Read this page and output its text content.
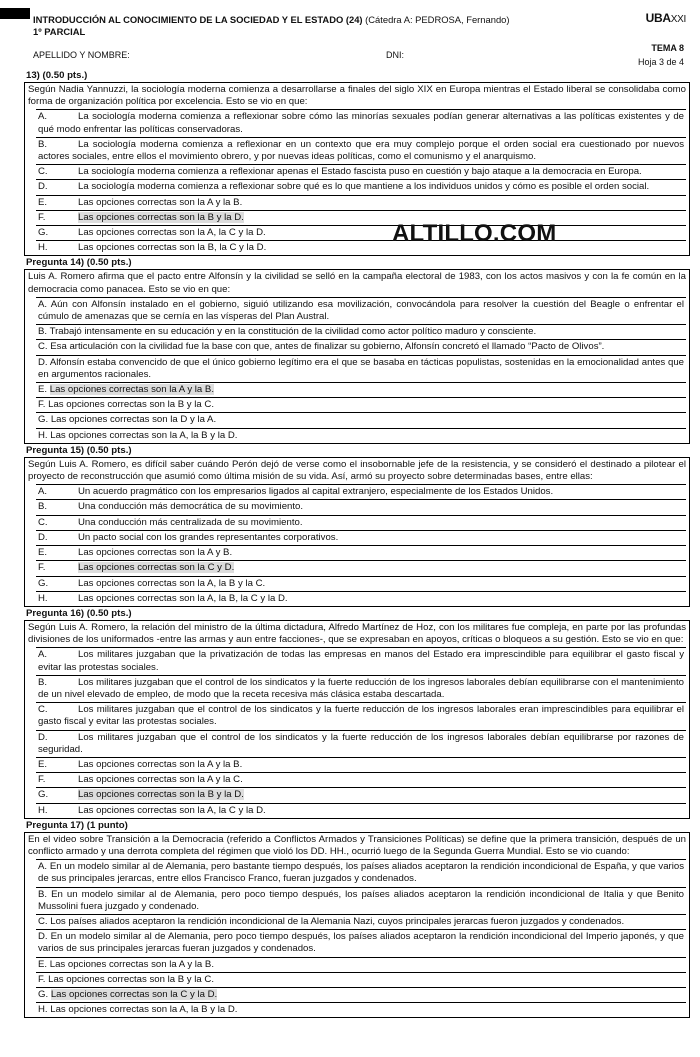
INTRODUCCIÓN AL CONOCIMIENTO DE LA SOCIEDAD Y EL ESTADO (24) (Cátedra A: PEDROSA, Fernando)
1º PARCIAL
UBAXXI
APELLIDO Y NOMBRE:	DNI:
TEMA 8
Hoja 3 de 4
13) (0.50 pts.)
Según Nadia Yannuzzi, la sociología moderna comienza a desarrollarse a finales del siglo XIX en Europa mientras el Estado liberal se consolidaba como forma de organización política por excelencia. Esto se vio en que:
A.	La sociología moderna comienza a reflexionar sobre cómo las minorías sexuales podían generar alternativas a las políticas existentes y de qué modo enfrentar las políticas conservadoras.
B.	La sociología moderna comienza a reflexionar en un contexto que era muy complejo porque el orden social era cuestionado por nuevos actores sociales, entre ellos el movimiento obrero, y por nuevas ideas políticas, como el comunismo y el anarquismo.
C.	La sociología moderna comienza a reflexionar apenas el Estado fascista puso en cuestión y bajo ataque a la democracia en Europa.
D.	La sociología moderna comienza a reflexionar sobre qué es lo que mantiene a los individuos unidos y cómo es posible el orden social.
E.	Las opciones correctas son la A y la B.
F.	Las opciones correctas son la B y la D.
G.	Las opciones correctas son la A, la C y la D.
H.	Las opciones correctas son la B, la C y la D.
Pregunta 14) (0.50 pts.)
Luis A. Romero afirma que el pacto entre Alfonsín y la civilidad se selló en la campaña electoral de 1983, con los actos masivos y con la fe común en la democracia como panacea. Esto se vio en que:
A. Aún con Alfonsín instalado en el gobierno, siguió utilizando esa movilización, convocándola para resolver la cuestión del Beagle o enfrentar el cúmulo de amenazas que se cernía en las vísperas del Plan Austral.
B. Trabajó intensamente en su educación y en la constitución de la civilidad como actor político maduro y consciente.
C. Esa articulación con la civilidad fue la base con que, antes de finalizar su gobierno, Alfonsín concretó el llamado “Pacto de Olivos”.
D. Alfonsín estaba convencido de que el único gobierno legítimo era el que se basaba en tácticas populistas, sostenidas en la emocionalidad antes que en argumentos racionales.
E. Las opciones correctas son la A y la B.
F. Las opciones correctas son la B y la C.
G. Las opciones correctas son la D y la A.
H. Las opciones correctas son la A, la B y la D.
Pregunta 15) (0.50 pts.)
Según Luis A. Romero, es difícil saber cuándo Perón dejó de verse como el insobornable jefe de la resistencia, y se consideró el destinado a pilotear el proyecto de reconstrucción que asumió como última misión de su vida. Así, armó su proyecto sobre determinadas bases, entre ellas:
A.	Un acuerdo pragmático con los empresarios ligados al capital extranjero, especialmente de los Estados Unidos.
B.	Una conducción más democrática de su movimiento.
C.	Una conducción más centralizada de su movimiento.
D.	Un pacto social con los grandes representantes corporativos.
E.	Las opciones correctas son la A y B.
F.	Las opciones correctas son la C y D.
G.	Las opciones correctas son la A, la B y la C.
H.	Las opciones correctas son la A, la B, la C y la D.
Pregunta 16) (0.50 pts.)
Según Luis A. Romero, la relación del ministro de la última dictadura, Alfredo Martínez de Hoz, con los militares fue compleja, en parte por las profundas divisiones de los uniformados -entre las armas y aun entre facciones-, que se expresaban en apoyos, críticas o bloqueos a su gestión. Esto se vio en que:
A.	Los militares juzgaban que la privatización de todas las empresas en manos del Estado era imprescindible para equilibrar el gasto fiscal y evitar las protestas sociales.
B.	Los militares juzgaban que el control de los sindicatos y la fuerte reducción de los ingresos laborales debían equilibrarse con el mantenimiento de un nivel elevado de empleo, de modo que la receta recesiva más clásica estaba descartada.
C.	Los militares juzgaban que el control de los sindicatos y la fuerte reducción de los ingresos laborales eran imprescindibles para equilibrar el gasto fiscal y evitar las protestas sociales.
D.	Los militares juzgaban que el control de los sindicatos y la fuerte reducción de los ingresos laborales debían equilibrarse por razones de seguridad.
E.	Las opciones correctas son la A y la B.
F.	Las opciones correctas son la A y la C.
G.	Las opciones correctas son la B y la D.
H.	Las opciones correctas son la A, la C y la D.
Pregunta 17) (1 punto)
En el video sobre Transición a la Democracia (referido a Conflictos Armados y Transiciones Políticas) se define que la primera transición, después de un conflicto armado y una derrota completa del régimen que violó los DD. HH., ocurrió luego de la Segunda Guerra Mundial. Esto se vio cuando:
A. En un modelo similar al de Alemania, pero bastante tiempo después, los países aliados aceptaron la rendición incondicional de España, y que varios de sus principales jerarcas, entre ellos Francisco Franco, fueran juzgados y condenados.
B. En un modelo similar al de Alemania, pero poco tiempo después, los países aliados aceptaron la rendición incondicional de Italia y que Benito Mussolini fuera juzgado y condenado.
C. Los países aliados aceptaron la rendición incondicional de la Alemania Nazi, cuyos principales jerarcas fueron juzgados y condenados.
D. En un modelo similar al de Alemania, pero poco tiempo después, los países aliados aceptaron la rendición incondicional del Imperio japonés, y que varios de sus principales jerarcas fueran juzgados y condenados.
E. Las opciones correctas son la A y la B.
F. Las opciones correctas son la B y la C.
G. Las opciones correctas son la C y la D.
H. Las opciones correctas son la A, la B y la D.
ALTILLO.COM
